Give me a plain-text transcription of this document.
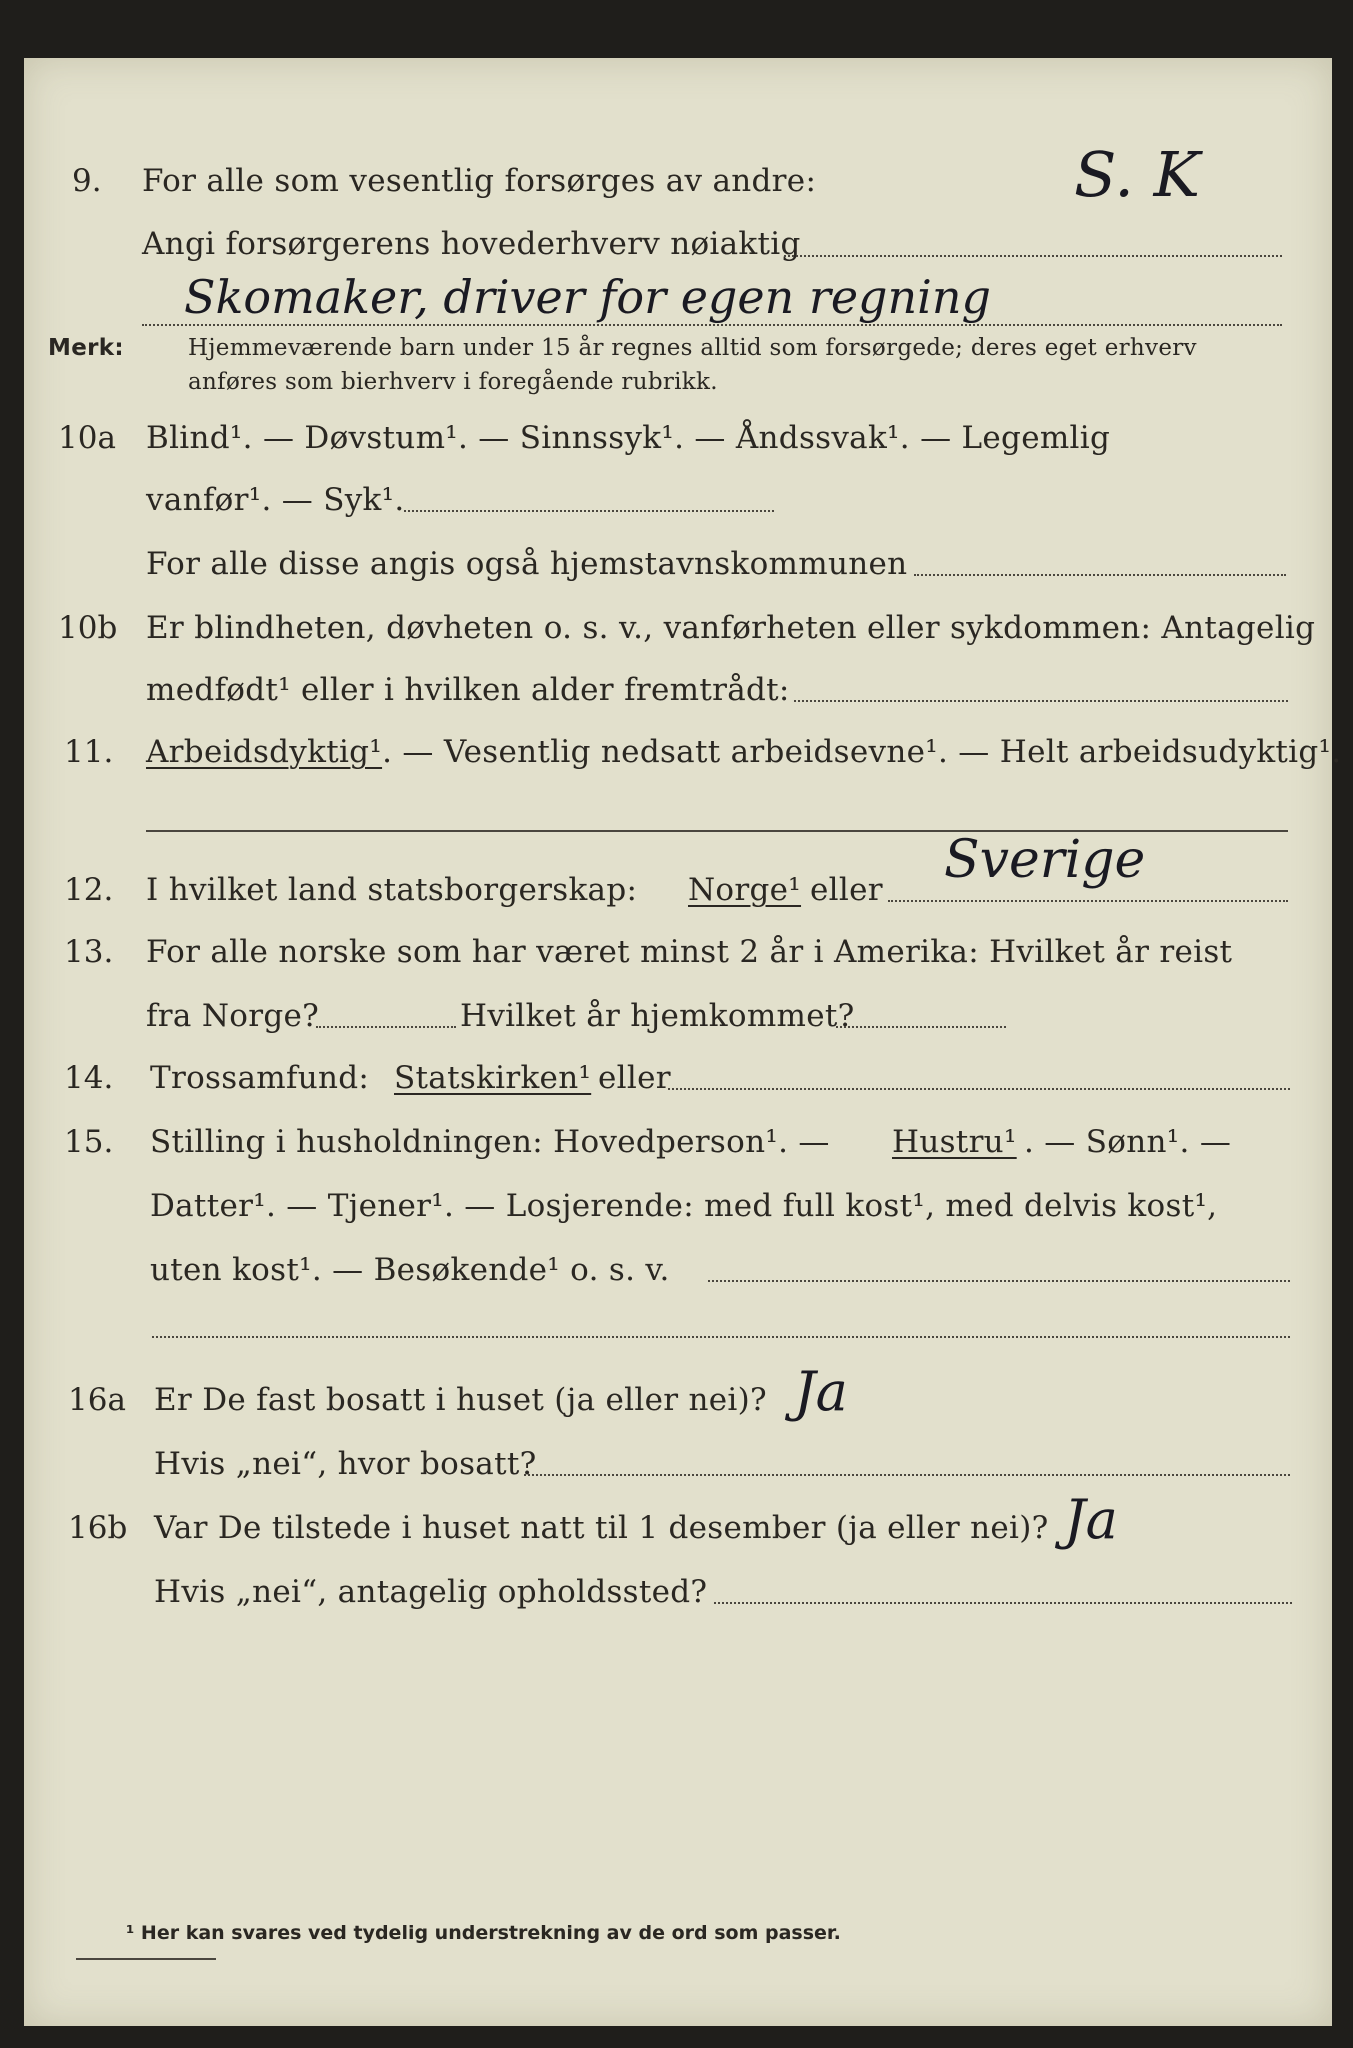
9. For alle som vesentlig forsørges av andre:	S. K
Angi forsørgerens hovederhverv nøiaktig
Skomaker, driver for egen regning
Merk:	Hjemmeværende barn under 15 år regnes alltid som forsørgede; deres eget erhverv
anføres som bierhverv i foregående rubrikk.
10a Blind¹. — Døvstum¹. — Sinnssyk¹. — Åndssvak¹. — Legemlig
vanfør¹. — Syk¹.
For alle disse angis også hjemstavnskommunen
10b Er blindheten, døvheten o. s. v., vanførheten eller sykdommen: Antagelig
medfødt¹ eller i hvilken alder fremtrådt:
11. Arbeidsdyktig¹. — Vesentlig nedsatt arbeidsevne¹. — Helt arbeidsudyktig¹.
12. I hvilket land statsborgerskap: Norge¹ eller Sverige
13. For alle norske som har været minst 2 år i Amerika: Hvilket år reist
fra Norge?	Hvilket år hjemkommet?
14. Trossamfund: Statskirken¹ eller
15. Stilling i husholdningen: Hovedperson¹. — Hustru¹ . — Sønn¹. —
Datter¹. — Tjener¹. — Losjerende: med full kost¹, med delvis kost¹,
uten kost¹. — Besøkende¹ o. s. v.
16a Er De fast bosatt i huset (ja eller nei)? Ja
Hvis „nei“, hvor bosatt?
16b Var De tilstede i huset natt til 1 desember (ja eller nei)? Ja
Hvis „nei“, antagelig opholdssted?
¹ Her kan svares ved tydelig understrekning av de ord som passer.
